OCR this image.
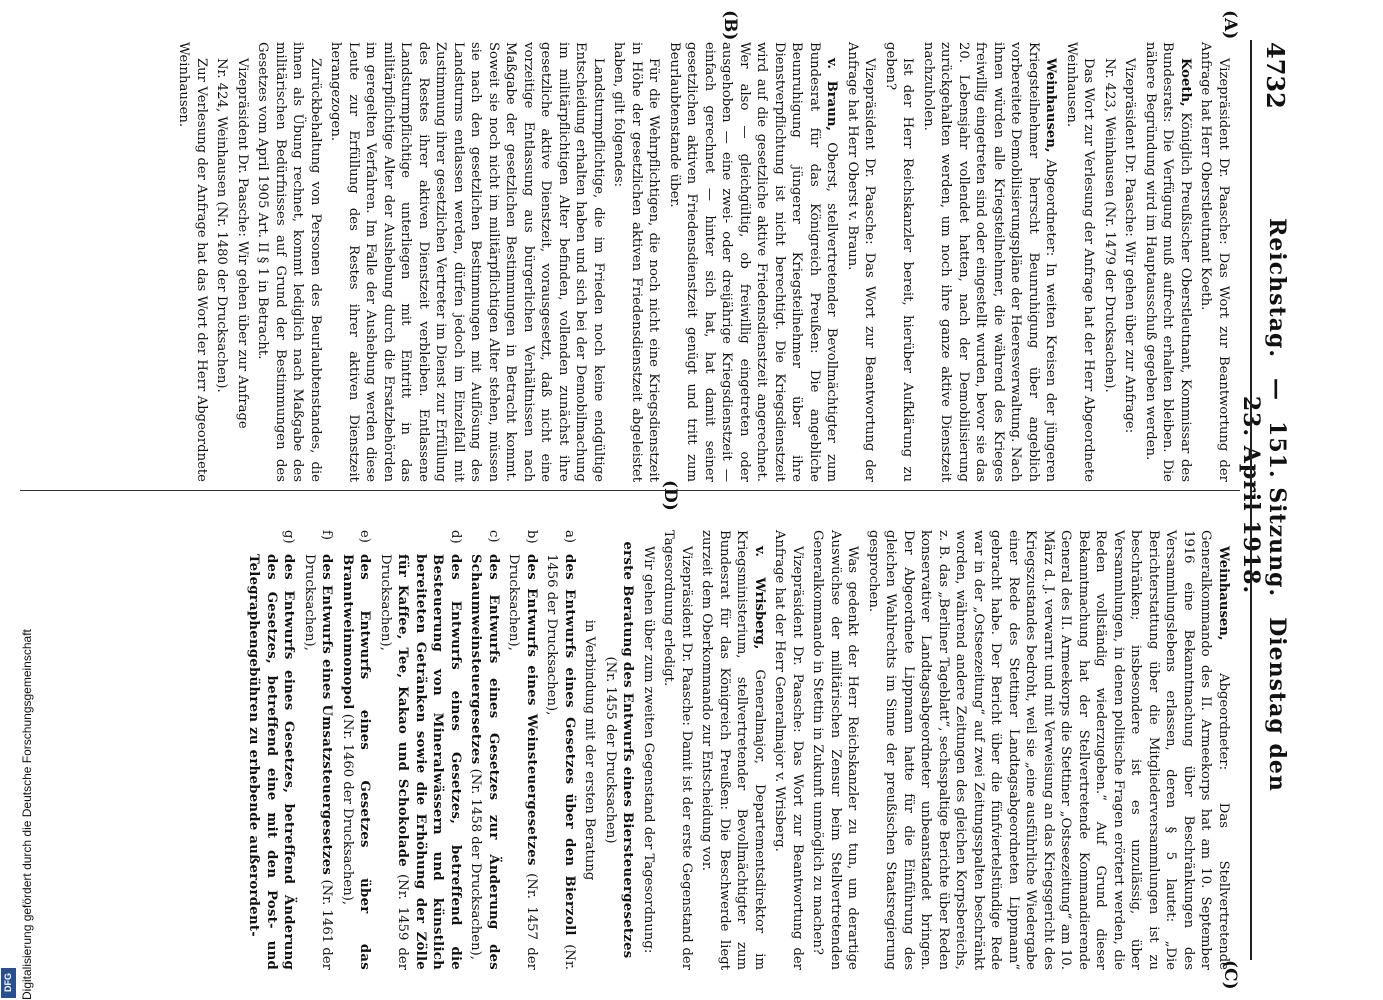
4732
Reichstag.—151. Sitzung.Dienstag den 23. April 1918.
(A)
(B)
(C)
(D)

Vizepräsident Dr. Paasche: Das Wort zur Beantwortung der Anfrage hat Herr Oberstleutnant Koeth.

Koeth, Königlich Preußischer Oberstleutnant, Kommissar des Bundesrats: Die Verfügung muß aufrecht erhalten bleiben. Die nähere Begründung wird im Hauptausschuß gegeben werden.

Vizepräsident Dr. Paasche: Wir gehen über zur Anfrage:

Nr. 423, Weinhausen (Nr. 1479 der Drucksachen).

Das Wort zur Verlesung der Anfrage hat der Herr Abgeordnete Weinhausen.

Weinhausen, Abgeordneter: In weiten Kreisen der jüngeren Kriegsteilnehmer herrscht Beunruhigung über angeblich vorbereitete Demobilisierungspläne der Heeresverwaltung. Nach ihnen würden alle Kriegsteilnehmer, die während des Krieges freiwillig eingetreten sind oder eingestellt wurden, bevor sie das 20. Lebensjahr vollendet hatten, nach der Demobilisierung zurückgehalten werden, um noch ihre ganze aktive Dienstzeit nachzuholen.

Ist der Herr Reichskanzler bereit, hierüber Aufklärung zu geben?

Vizepräsident Dr. Paasche: Das Wort zur Beantwortung der Anfrage hat Herr Oberst v. Braun.

v. Braun, Oberst, stellvertretender Bevollmächtigter zum Bundesrat für das Königreich Preußen: Die angebliche Beunruhigung jüngerer Kriegsteilnehmer über ihre Dienstverpflichtung ist nicht berechtigt. Die Kriegsdienstzeit wird auf die gesetzliche aktive Friedensdienstzeit angerechnet. Wer also — gleichgültig, ob freiwillig eingetreten oder ausgehoben — eine zwei- oder dreijährige Kriegsdienstzeit — einfach gerechnet — hinter sich hat, hat damit seiner gesetzlichen aktiven Friedensdienstzeit genügt und tritt zum Beurlaubtenstande über.

Für die Wehrpflichtigen, die noch nicht eine Kriegsdienstzeit in Höhe der gesetzlichen aktiven Friedensdienstzeit abgeleistet haben, gilt folgendes:

Landsturmpflichtige, die im Frieden noch keine endgültige Entscheidung erhalten haben und sich bei der Demobilmachung im militärpflichtigen Alter befinden, vollenden zunächst ihre gesetzliche aktive Dienstzeit, vorausgesetzt, daß nicht eine vorzeitige Entlassung aus bürgerlichen Verhältnissen nach Maßgabe der gesetzlichen Bestimmungen in Betracht kommt. Soweit sie noch nicht im militärpflichtigen Alter stehen, müssen sie nach den gesetzlichen Bestimmungen mit Auflösung des Landsturms entlassen werden, dürfen jedoch im Einzelfall mit Zustimmung ihrer gesetzlichen Vertreter im Dienst zur Erfüllung des Restes ihrer aktiven Dienstzeit verbleiben. Entlassene Landsturmpflichtige unterliegen mit Eintritt in das militärpflichtige Alter der Aushebung durch die Ersatzbehörden im geregelten Verfahren. Im Falle der Aushebung werden diese Leute zur Erfüllung des Restes ihrer aktiven Dienstzeit herangezogen.

Zurückbehaltung von Personen des Beurlaubtenstandes, die ihnen als Übung rechnet, kommt lediglich nach Maßgabe des militärischen Bedürfnisses auf Grund der Bestimmungen des Gesetzes vom April 1905 Art. II § 1 in Betracht.

Vizepräsident Dr. Paasche: Wir gehen über zur Anfrage

Nr. 424, Weinhausen (Nr. 1480 der Drucksachen).

Zur Verlesung der Anfrage hat das Wort der Herr Abgeordnete Weinhausen.

Weinhausen, Abgeordneter: Das Stellvertretende Generalkommando des II. Armeekorps hat am 10. September 1916 eine Bekanntmachung über Beschränkungen des Versammlungslebens erlassen, deren § 5 lautet: „Die Berichterstattung über die Mitgliederversammlungen ist zu beschränken; insbesondere ist es unzulässig, über Versammlungen, in denen politische Fragen erörtert werden, die Reden vollständig wiederzugeben.“ Auf Grund dieser Bekanntmachung hat der Stellvertretende Kommandierende General des II. Armeekorps die Stettiner „Ostseezeitung“ am 10. März d. J. verwarnt und mit Verweisung an das Kriegsgericht des Kriegszustandes bedroht, weil sie „eine ausführliche Wiedergabe einer Rede des Stettiner Landtagsabgeordneten Lippmann“ gebracht habe. Der Bericht über die fünfviertelstündige Rede war in der „Ostseezeitung“ auf zwei Zeitungsspalten beschränkt worden, während andere Zeitungen des gleichen Korpsbereichs, z. B. das „Berliner Tageblatt“, sechsspaltige Berichte über Reden konservativer Landtagsabgeordneter unbeanstandet bringen. Der Abgeordnete Lippmann hatte für die Einführung des gleichen Wahlrechts im Sinne der preußischen Staatsregierung gesprochen.

Was gedenkt der Herr Reichskanzler zu tun, um derartige Auswüchse der militärischen Zensur beim Stellvertretenden Generalkommando in Stettin in Zukunft unmöglich zu machen?

Vizepräsident Dr. Paasche: Das Wort zur Beantwortung der Anfrage hat der Herr Generalmajor v. Wrisberg.

v. Wrisberg, Generalmajor, Departementsdirektor im Kriegsministerium, stellvertretender Bevollmächtigter zum Bundesrat für das Königreich Preußen: Die Beschwerde liegt zurzeit dem Oberkommando zur Entscheidung vor.

Vizepräsident Dr. Paasche: Damit ist der erste Gegenstand der Tagesordnung erledigt.

Wir gehen über zum zweiten Gegenstand der Tagesordnung:

erste Beratung des Entwurfs eines Biersteuergesetzes (Nr. 1455 der Drucksachen)

in Verbindung mit der ersten Beratung

a)des Entwurfs eines Gesetzes über den Bierzoll (Nr. 1456 der Drucksachen),

b)des Entwurfs eines Weinsteuergesetzes (Nr. 1457 der Drucksachen),

c)des Entwurfs eines Gesetzes zur Änderung des Schaumweinsteuergesetzes (Nr. 1458 der Drucksachen),

d)des Entwurfs eines Gesetzes, betreffend die Besteuerung von Mineralwässern und künstlich bereiteten Getränken sowie die Erhöhung der Zölle für Kaffee, Tee, Kakao und Schokolade (Nr. 1459 der Drucksachen),

e)des Entwurfs eines Gesetzes über das Branntweinmonopol (Nr. 1460 der Drucksachen),

f)des Entwurfs eines Umsatzsteuergesetzes (Nr. 1461 der Drucksachen),

g)des Entwurfs eines Gesetzes, betreffend Änderung des Gesetzes, betreffend eine mit den Post- und Telegraphengebühren zu erhebende außerordent-

Digitalisierung gefördert durch die Deutsche Forschungsgemeinschaft
DFG
